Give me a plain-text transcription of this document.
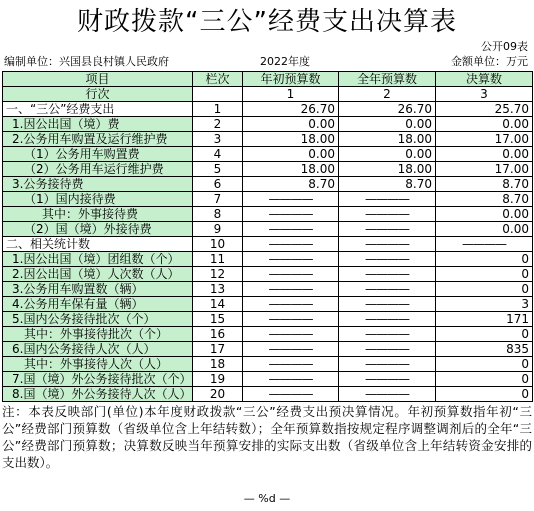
财政拨款“三公”经费支出决算表
公开09表
编制单位：兴国县良村镇人民政府	2022年度	金额单位：万元
项目	栏次	年初预算数	全年预算数	决算数
行次		1	2	3
一、“三公”经费支出	1	26.70	26.70	25.70
1.因公出国（境）费	2	0.00	0.00	0.00
2.公务用车购置及运行维护费	3	18.00	18.00	17.00
（1）公务用车购置费	4	0.00	0.00	0.00
（2）公务用车运行维护费	5	18.00	18.00	17.00
3.公务接待费	6	8.70	8.70	8.70
（1）国内接待费	7	————	————	8.70
其中：外事接待费	8	————	————	0.00
（2）国（境）外接待费	9	————	————	0.00
二、相关统计数	10	————	————	————
1.因公出国（境）团组数（个）	11	————	————	0
2.因公出国（境）人次数（人）	12	————	————	0
3.公务用车购置数（辆）	13	————	————	0
4.公务用车保有量（辆）	14	————	————	3
5.国内公务接待批次（个）	15	————	————	171
其中：外事接待批次（个）	16	————	————	0
6.国内公务接待人次（人）	17	————	————	835
其中：外事接待人次（人）	18	————	————	0
7.国（境）外公务接待批次（个）	19	————	————	0
8.国（境）外公务接待人次（人）	20	————	————	0
注：本表反映部门(单位)本年度财政拨款“三公”经费支出预决算情况。年初预算数指年初“三公”经费部门预算数（省级单位含上年结转数）；全年预算数指按规定程序调整调剂后的全年“三公”经费部门预算数；决算数反映当年预算安排的实际支出数（省级单位含上年结转资金安排的支出数）。
— %d —
